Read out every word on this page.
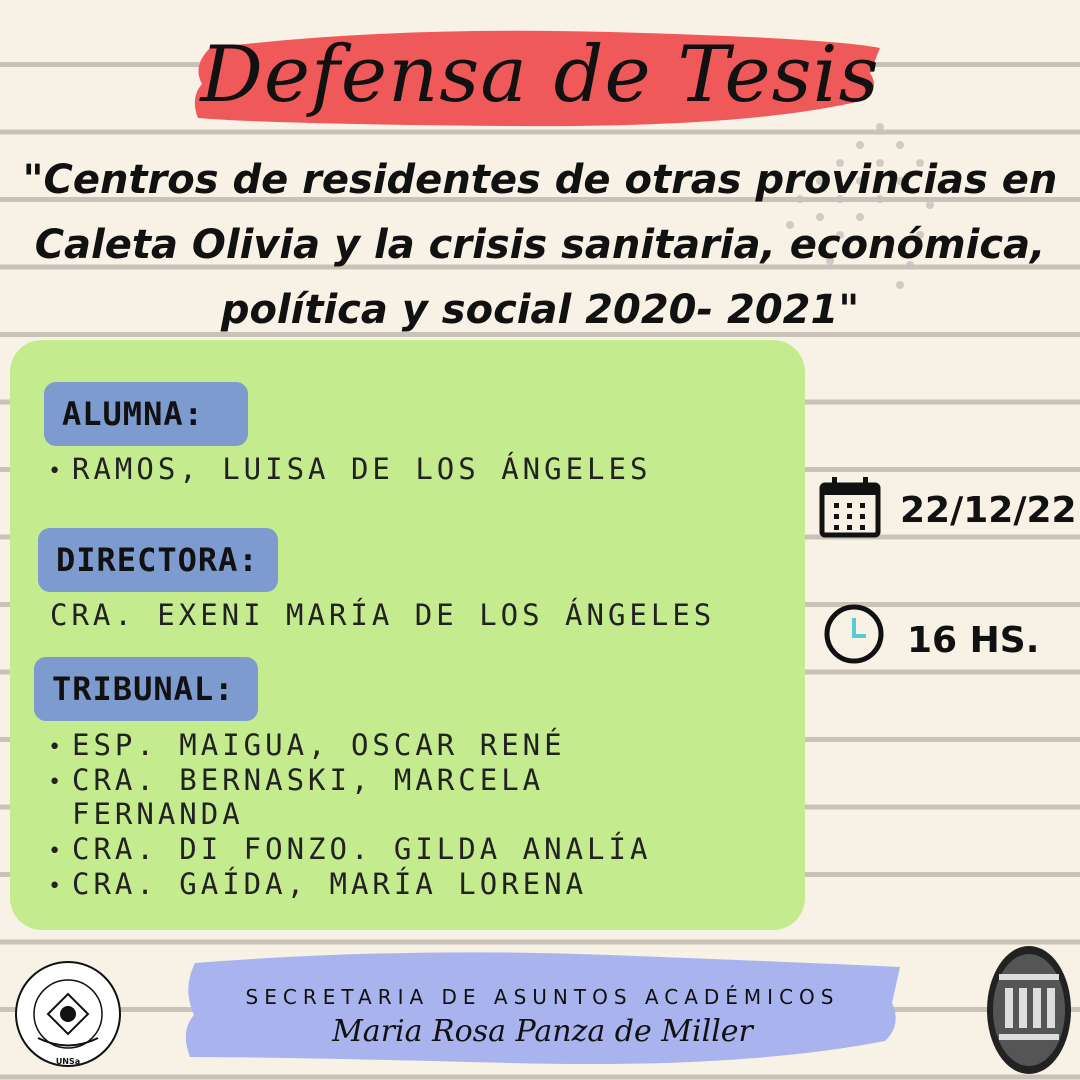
Defensa de Tesis
"Centros de residentes de otras provincias en Caleta Olivia y la crisis sanitaria, económica, política y social 2020- 2021"
ALUMNA:
• RAMOS, LUISA DE LOS ÁNGELES
DIRECTORA:
CRA. EXENI MARÍA DE LOS ÁNGELES
TRIBUNAL:
• ESP. MAIGUA, OSCAR RENÉ
• CRA. BERNASKI, MARCELA
FERNANDA
• CRA. DI FONZO. GILDA ANALÍA
• CRA. GAÍDA, MARÍA LORENA
22/12/22
16 HS.
SECRETARIA DE ASUNTOS ACADÉMICOS
Maria Rosa Panza de Miller
UNSa
